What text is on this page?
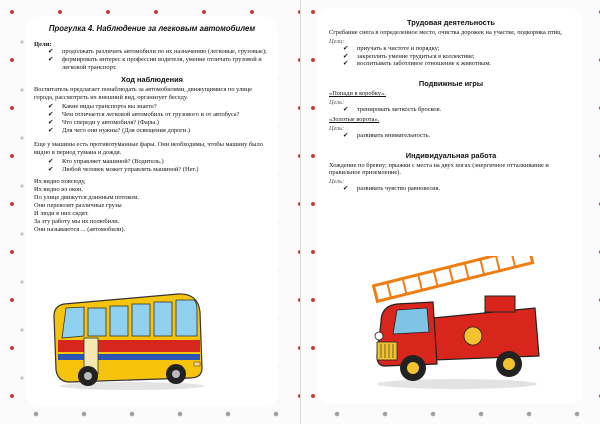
Прогулка 4. Наблюдение за легковым автомобилем

Цели:

✔ продолжать различать автомобили по их назначению (легковые, грузовые);
✔ формировать интерес к профессии водителя, умение отличать грузовой и легковой транспорт.

Ход наблюдения

Воспитатель предлагает понаблюдать за автомобилями, движущимися по улице города, рассмотреть их внешний вид, организует беседу.

✔ Какие виды транспорта вы знаете?
✔ Чем отличается легковой автомобиль от грузового и от автобуса?
✔ Что спереди у автомобиля? (Фары.)
✔ Для чего они нужны? (Для освещения дороги.)

Еще у машины есть противотуманные фары. Они необходимы, чтобы машину было видно в период тумана и дождя.

✔ Кто управляет машиной? (Водитель.)
✔ Любой человек может управлять машиной? (Нет.)
Их видно повсюду,
Их видно из окон.
По улице движутся длинным потоком.
Они перевозят различные грузы
И люди в них сидят.
За эту работу мы их полюбили.
Они называются ... (автомобили).

Трудовая деятельность

Сгребание снега в определенное место, очистка дорожек на участке, подкормка птиц.

Цели:

✔ приучать к чистоте и порядку;
✔ закреплять умение трудиться в коллективе;
✔ воспитывать заботливое отношение к животным.

Подвижные игры

«Попади в коробку».

Цель:

✔ тренировать меткость бросков.

«Золотые ворота».

Цель:

✔ развивать внимательность.

Индивидуальная работа

Хождение по бревну; прыжки с места на двух ногах (энергичное отталкивание и правильное приземление).

Цель:

✔ развивать чувство равновесия.
